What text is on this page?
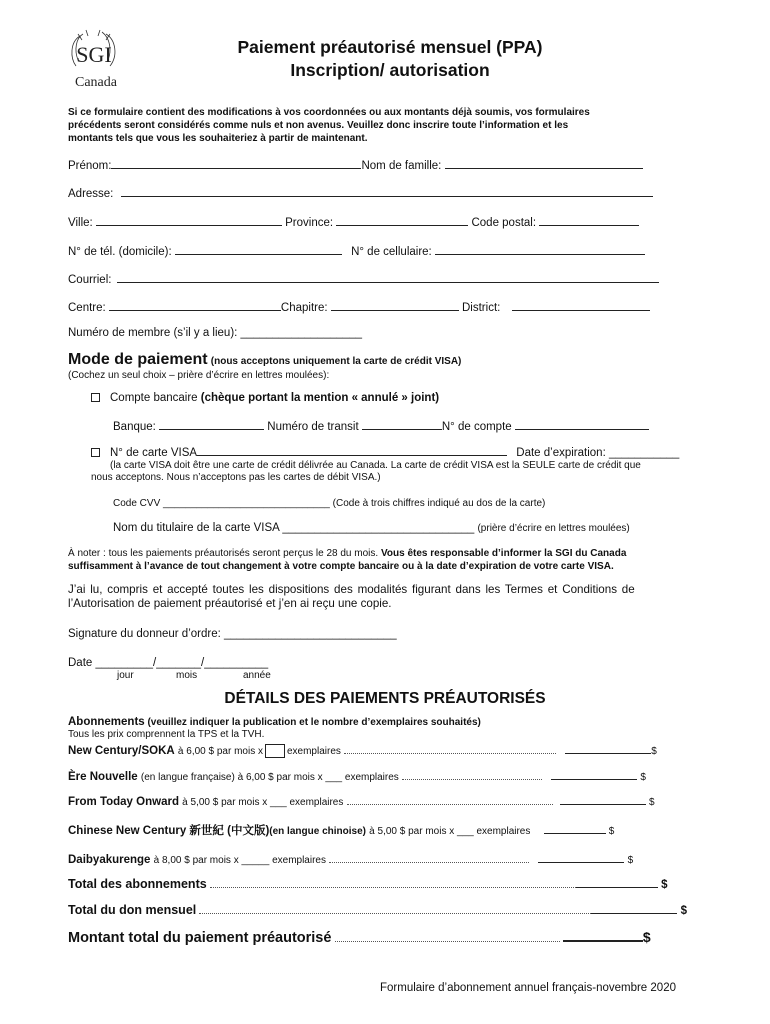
SGI
Canada
Paiement préautorisé mensuel (PPA)
Inscription/ autorisation
Si ce formulaire contient des modifications à vos coordonnées ou aux montants déjà soumis, vos formulaires
précédents seront considérés comme nuls et non avenus. Veuillez donc inscrire toute l’information et les
montants tels que vous les souhaiteriez à partir de maintenant.
Prénom:	Nom de famille:
Adresse:
Ville:	Province:	Code postal:
N° de tél. (domicile):	N° de cellulaire:
Courriel:
Centre:	Chapitre:	District:
Numéro de membre (s’il y a lieu): ___________________
Mode de paiement (nous acceptons uniquement la carte de crédit VISA)
(Cochez un seul choix – prière d’écrire en lettres moulées):
Compte bancaire (chèque portant la mention « annulé » joint)
Banque:	Numéro de transit	N° de compte
N° de carte VISA	Date d’expiration: ___________
(la carte VISA doit être une carte de crédit délivrée au Canada. La carte de crédit VISA est la SEULE carte de crédit que
nous acceptons. Nous n’acceptons pas les cartes de débit VISA.)
Code CVV ______________________________ (Code à trois chiffres indiqué au dos de la carte)
Nom du titulaire de la carte VISA ______________________________ (prière d’écrire en lettres moulées)
À noter : tous les paiements préautorisés seront perçus le 28 du mois. Vous êtes responsable d’informer la SGI du Canada
suffisamment à l’avance de tout changement à votre compte bancaire ou à la date d’expiration de votre carte VISA.
J’ai lu, compris et accepté toutes les dispositions des modalités figurant dans les Termes et Conditions de
l’Autorisation de paiement préautorisé et j’en ai reçu une copie.
Signature du donneur d’ordre: ___________________________
Date _________/_______/__________
jour	mois	année
DÉTAILS DES PAIEMENTS PRÉAUTORISÉS
Abonnements (veuillez indiquer la publication et le nombre d’exemplaires souhaités)
Tous les prix comprennent la TPS et la TVH.
New Century/SOKA à 6,00 $ par mois x exemplaires	$
Ère Nouvelle (en langue française) à 6,00 $ par mois x ___ exemplaires	$
From Today Onward à 5,00 $ par mois x ___ exemplaires	$
Chinese New Century 新世紀 (中文版)(en langue chinoise) à 5,00 $ par mois x ___ exemplaires	$
Daibyakurenge à 8,00 $ par mois x _____ exemplaires	$
Total des abonnements	$
Total du don mensuel	$
Montant total du paiement préautorisé	$
Formulaire d’abonnement annuel français-novembre 2020
